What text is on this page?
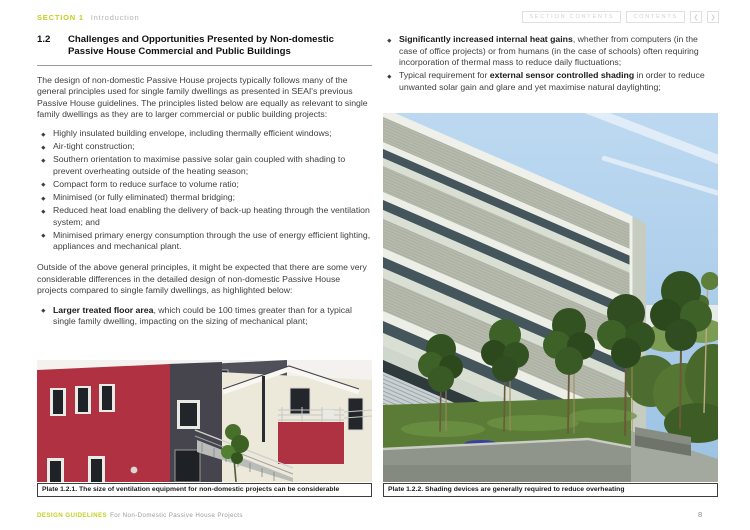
SECTION 1 Introduction	SECTION CONTENTS	CONTENTS	❮	❯
1.2	Challenges and Opportunities Presented by Non-domestic Passive House Commercial and Public Buildings

The design of non-domestic Passive House projects typically follows many of the general principles used for single family dwellings as presented in SEAI's previous Passive House guidelines. The principles listed below are equally as relevant to single family dwellings as they are to larger commercial or public building projects:

Highly insulated building envelope, including thermally efficient windows;
Air-tight construction;
Southern orientation to maximise passive solar gain coupled with shading to prevent overheating outside of the heating season;
Compact form to reduce surface to volume ratio;
Minimised (or fully eliminated) thermal bridging;
Reduced heat load enabling the delivery of back-up heating through the ventilation system; and
Minimised primary energy consumption through the use of energy efficient lighting, appliances and mechanical plant.

Outside of the above general principles, it might be expected that there are some very considerable differences in the detailed design of non-domestic Passive House projects compared to single family dwellings, as highlighted below:

Larger treated floor area, which could be 100 times greater than for a typical single family dwelling, impacting on the sizing of mechanical plant;
Significantly increased internal heat gains, whether from computers (in the case of office projects) or from humans (in the case of schools) often requiring incorporation of thermal mass to reduce daily fluctuations;
Typical requirement for external sensor controlled shading in order to reduce unwanted solar gain and glare and yet maximise natural daylighting;
Plate 1.2.1. The size of ventilation equipment for non-domestic projects can be considerable	Plate 1.2.2. Shading devices are generally required to reduce overheating
DESIGN GUIDELINES For Non-Domestic Passive House Projects	8
